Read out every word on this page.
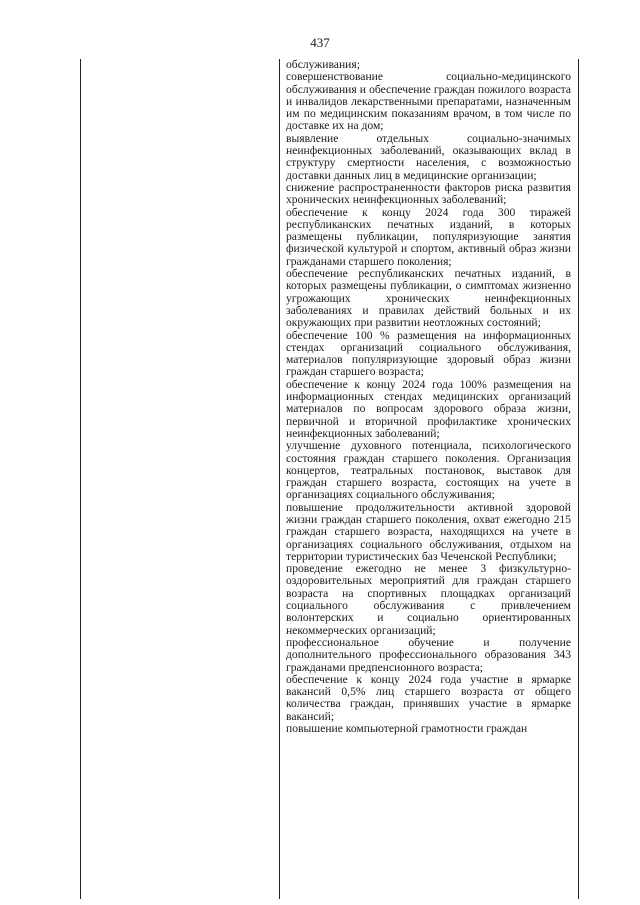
437

обслуживания;

совершенствование социально-медицинского обслуживания и обеспечение граждан пожилого возраста и инвалидов лекарственными препаратами, назначенным им по медицинским показаниям врачом, в том числе по доставке их на дом;

выявление отдельных социально-значимых неинфекционных заболеваний, оказывающих вклад в структуру смертности населения, с возможностью доставки данных лиц в медицинские организации;

снижение распространенности факторов риска развития хронических неинфекционных заболеваний;

обеспечение к концу 2024 года 300 тиражей республиканских печатных изданий, в которых размещены публикации, популяризующие занятия физической культурой и спортом, активный образ жизни гражданами старшего поколения;

обеспечение республиканских печатных изданий, в которых размещены публикации, о симптомах жизненно угрожающих хронических неинфекционных заболеваниях и правилах действий больных и их окружающих при развитии неотложных состояний;

обеспечение 100 % размещения на информационных стендах организаций социального обслуживания, материалов популяризующие здоровый образ жизни граждан старшего возраста;

обеспечение к концу 2024 года 100% размещения на информационных стендах медицинских организаций материалов по вопросам здорового образа жизни, первичной и вторичной профилактике хронических неинфекционных заболеваний;

улучшение духовного потенциала, психологического состояния граждан старшего поколения. Организация концертов, театральных постановок, выставок для граждан старшего возраста, состоящих на учете в организациях социального обслуживания;

повышение продолжительности активной здоровой жизни граждан старшего поколения, охват ежегодно 215 граждан старшего возраста, находящихся на учете в организациях социального обслуживания, отдыхом на территории туристических баз Чеченской Республики;

проведение ежегодно не менее 3 физкультурно-оздоровительных мероприятий для граждан старшего возраста на спортивных площадках организаций социального обслуживания с привлечением волонтерских и социально ориентированных некоммерческих организаций;

профессиональное обучение и получение дополнительного профессионального образования 343 гражданами предпенсионного возраста;

обеспечение к концу 2024 года участие в ярмарке вакансий 0,5% лиц старшего возраста от общего количества граждан, принявших участие в ярмарке вакансий;

повышение компьютерной грамотности граждан
